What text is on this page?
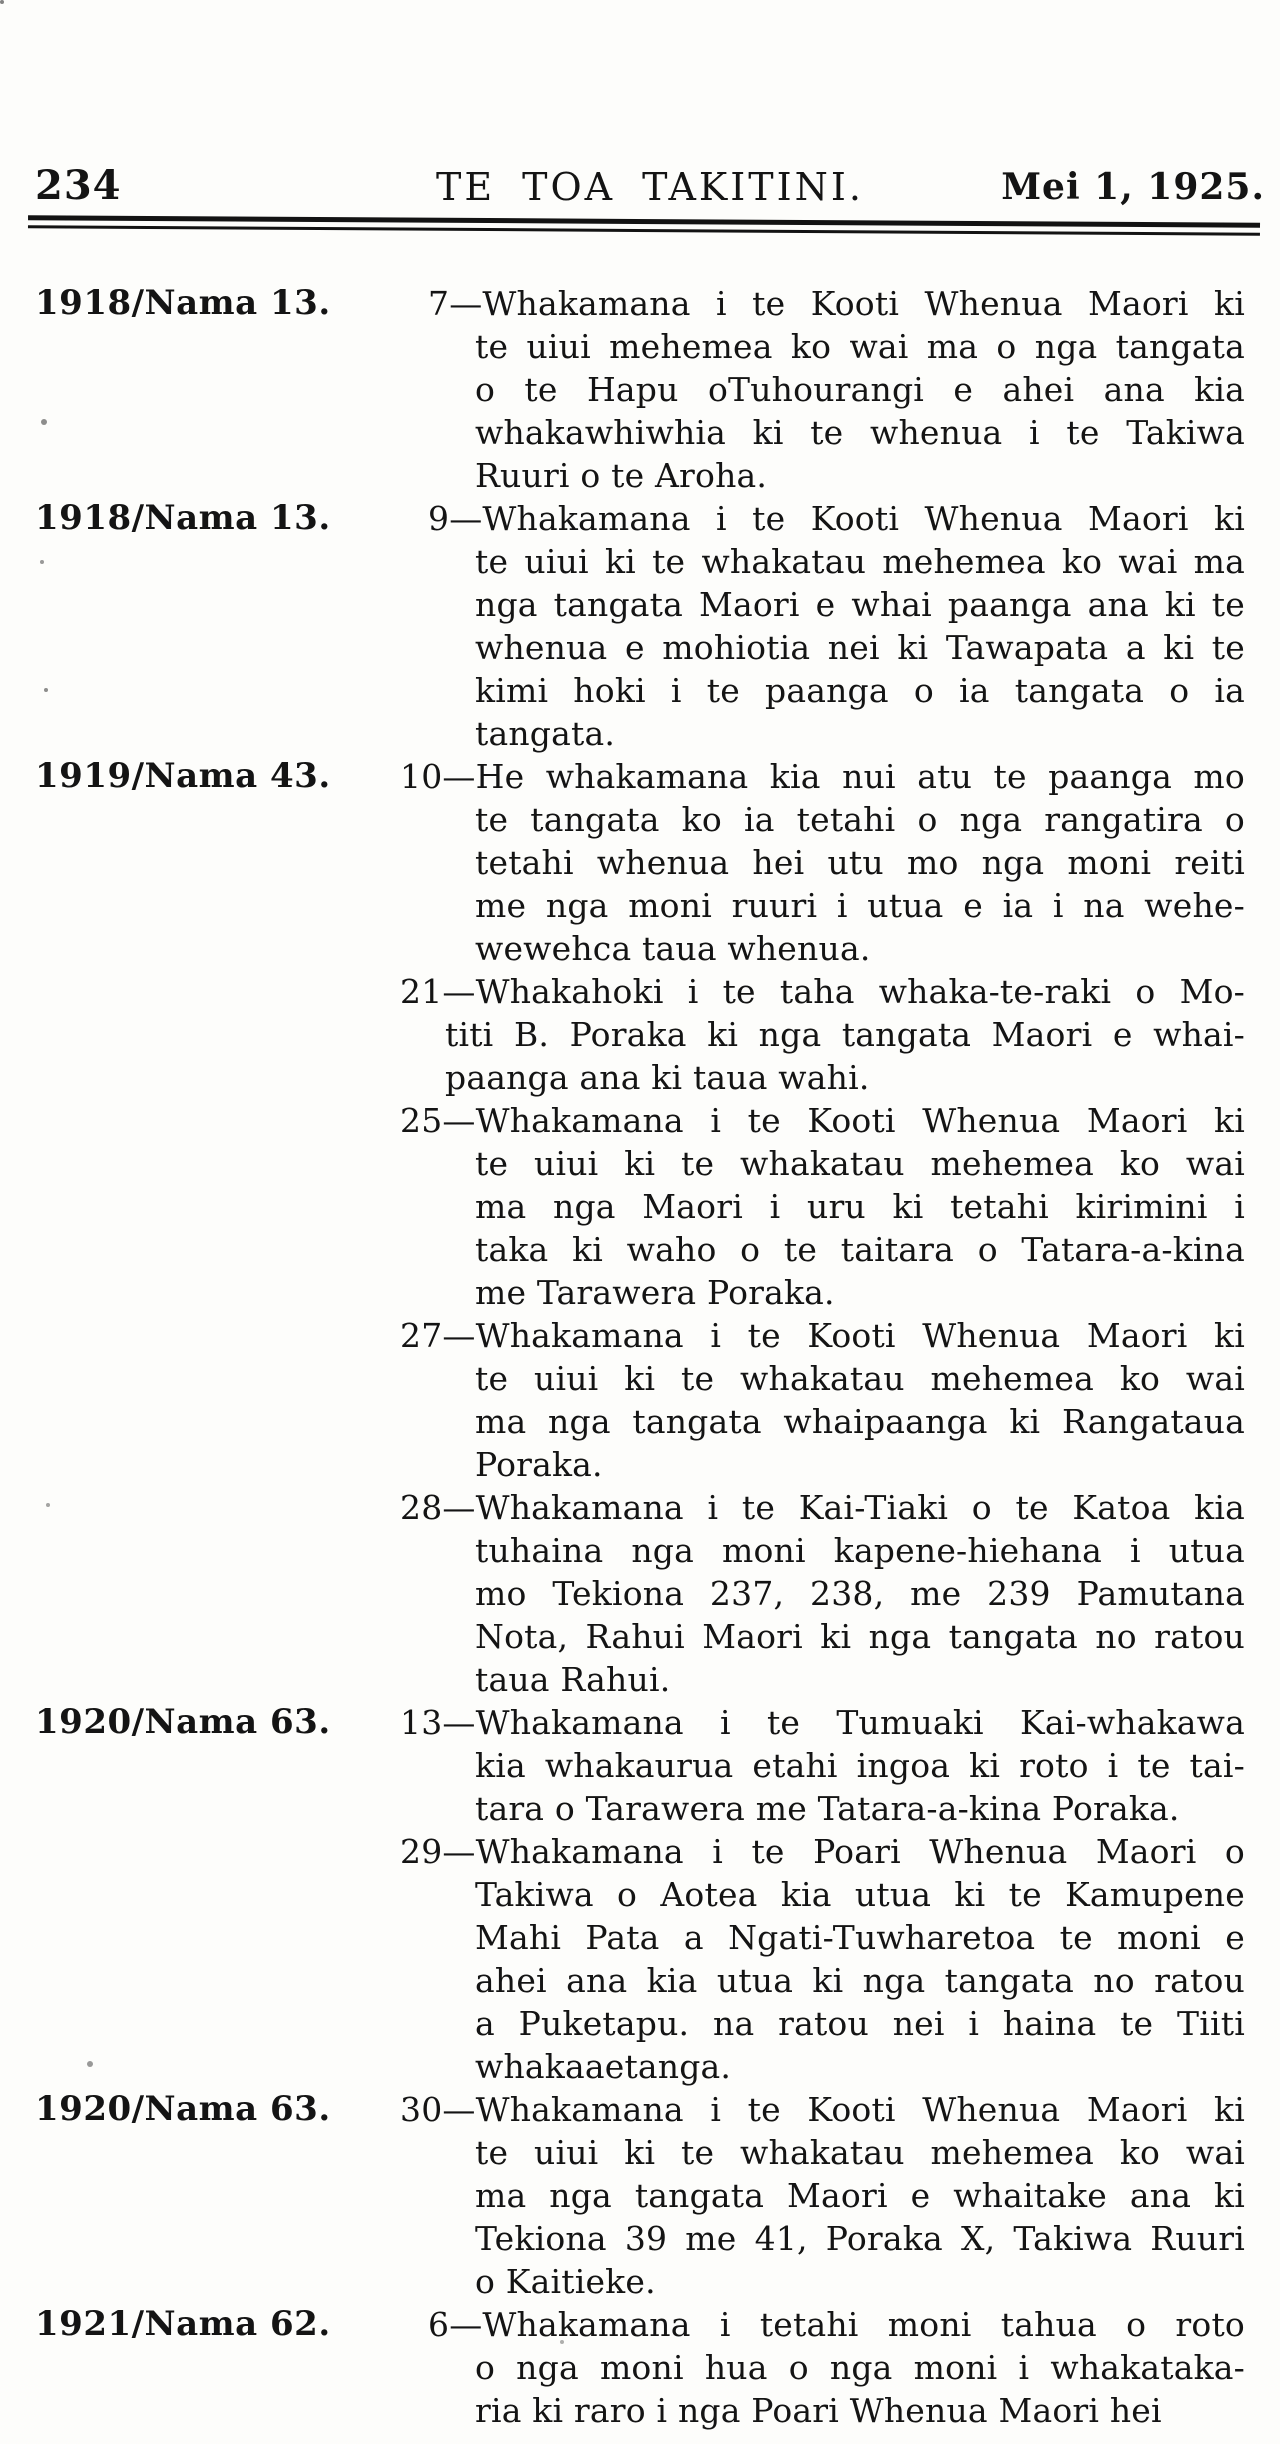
234	TE TOA TAKITINI.	Mei 1, 1925.
1918/Nama 13.	7—Whakamana i te Kooti Whenua Maori ki
te uiui mehemea ko wai ma o nga tangata
o te Hapu oTuhourangi e ahei ana kia
whakawhiwhia ki te whenua i te Takiwa
Ruuri o te Aroha.
1918/Nama 13.	9—Whakamana i te Kooti Whenua Maori ki
te uiui ki te whakatau mehemea ko wai ma
nga tangata Maori e whai paanga ana ki te
whenua e mohiotia nei ki Tawapata a ki te
kimi hoki i te paanga o ia tangata o ia
tangata.
1919/Nama 43.	10—He whakamana kia nui atu te paanga mo
te tangata ko ia tetahi o nga rangatira o
tetahi whenua hei utu mo nga moni reiti
me nga moni ruuri i utua e ia i na wehe-
wewehca taua whenua.
21—Whakahoki i te taha whaka-te-raki o Mo-
titi B. Poraka ki nga tangata Maori e whai-
paanga ana ki taua wahi.
25—Whakamana i te Kooti Whenua Maori ki
te uiui ki te whakatau mehemea ko wai
ma nga Maori i uru ki tetahi kirimini i
taka ki waho o te taitara o Tatara-a-kina
me Tarawera Poraka.
27—Whakamana i te Kooti Whenua Maori ki
te uiui ki te whakatau mehemea ko wai
ma nga tangata whaipaanga ki Rangataua
Poraka.
28—Whakamana i te Kai-Tiaki o te Katoa kia
tuhaina nga moni kapene-hiehana i utua
mo Tekiona 237, 238, me 239 Pamutana
Nota, Rahui Maori ki nga tangata no ratou
taua Rahui.
1920/Nama 63.	13—Whakamana i te Tumuaki Kai-whakawa
kia whakaurua etahi ingoa ki roto i te tai-
tara o Tarawera me Tatara-a-kina Poraka.
29—Whakamana i te Poari Whenua Maori o
Takiwa o Aotea kia utua ki te Kamupene
Mahi Pata a Ngati-Tuwharetoa te moni e
ahei ana kia utua ki nga tangata no ratou
a Puketapu. na ratou nei i haina te Tiiti
whakaaetanga.
1920/Nama 63.	30—Whakamana i te Kooti Whenua Maori ki
te uiui ki te whakatau mehemea ko wai
ma nga tangata Maori e whaitake ana ki
Tekiona 39 me 41, Poraka X, Takiwa Ruuri
o Kaitieke.
1921/Nama 62.	6—Whakamana i tetahi moni tahua o roto
o nga moni hua o nga moni i whakataka-
ria ki raro i nga Poari Whenua Maori hei
